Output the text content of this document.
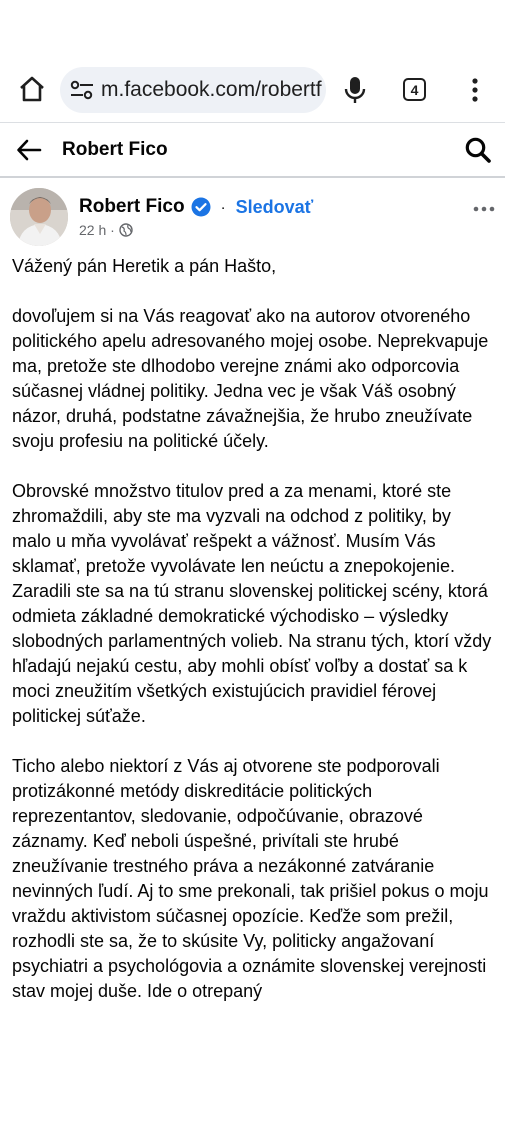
m.facebook.com/robertf	4
Robert Fico
Robert Fico · Sledovať
22 h ·

Vážený pán Heretik a pán Hašto,

dovoľujem si na Vás reagovať ako na autorov otvoreného politického apelu adresovaného mojej osobe. Neprekvapuje ma, pretože ste dlhodobo verejne známi ako odporcovia súčasnej vládnej politiky. Jedna vec je však Váš osobný názor, druhá, podstatne závažnejšia, že hrubo zneužívate svoju profesiu na politické účely.

Obrovské množstvo titulov pred a za menami, ktoré ste zhromaždili, aby ste ma vyzvali na odchod z politiky, by malo u mňa vyvolávať rešpekt a vážnosť. Musím Vás sklamať, pretože vyvolávate len neúctu a znepokojenie. Zaradili ste sa na tú stranu slovenskej politickej scény, ktorá odmieta základné demokratické východisko – výsledky slobodných parlamentných volieb. Na stranu tých, ktorí vždy hľadajú nejakú cestu, aby mohli obísť voľby a dostať sa k moci zneužitím všetkých existujúcich pravidiel férovej politickej súťaže.

Ticho alebo niektorí z Vás aj otvorene ste podporovali protizákonné metódy diskreditácie politických reprezentantov, sledovanie, odpočúvanie, obrazové záznamy. Keď neboli úspešné, privítali ste hrubé zneužívanie trestného práva a nezákonné zatváranie nevinných ľudí. Aj to sme prekonali, tak prišiel pokus o moju vraždu aktivistom súčasnej opozície. Keďže som prežil, rozhodli ste sa, že to skúsite Vy, politicky angažovaní psychiatri a psychológovia a oznámite slovenskej verejnosti stav mojej duše. Ide o otrepaný
